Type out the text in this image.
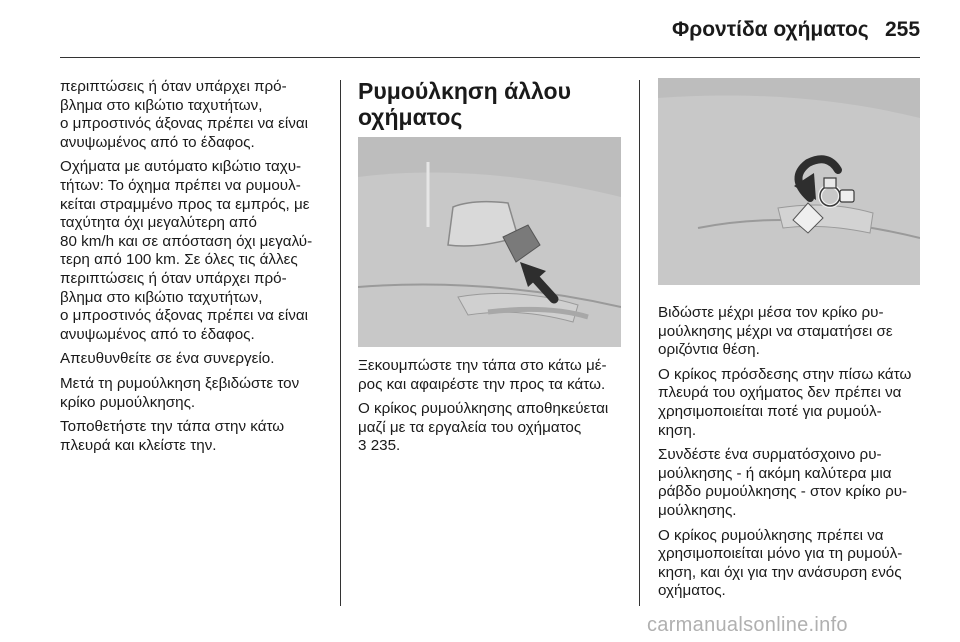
Φροντίδα οχήματος 255

περιπτώσεις ή όταν υπάρχει πρό-
βλημα στο κιβώτιο ταχυτήτων,
ο μπροστινός άξονας πρέπει να είναι
ανυψωμένος από το έδαφος.

Οχήματα με αυτόματο κιβώτιο ταχυ-
τήτων: Το όχημα πρέπει να ρυμουλ-
κείται στραμμένο προς τα εμπρός, με
ταχύτητα όχι μεγαλύτερη από
80 km/h και σε απόσταση όχι μεγαλύ-
τερη από 100 km. Σε όλες τις άλλες
περιπτώσεις ή όταν υπάρχει πρό-
βλημα στο κιβώτιο ταχυτήτων,
ο μπροστινός άξονας πρέπει να είναι
ανυψωμένος από το έδαφος.

Απευθυνθείτε σε ένα συνεργείο.

Μετά τη ρυμούλκηση ξεβιδώστε τον
κρίκο ρυμούλκησης.

Τοποθετήστε την τάπα στην κάτω
πλευρά και κλείστε την.

Ρυμούλκηση άλλου
οχήματος

Ξεκουμπώστε την τάπα στο κάτω μέ-
ρος και αφαιρέστε την προς τα κάτω.

Ο κρίκος ρυμούλκησης αποθηκεύεται
μαζί με τα εργαλεία του οχήματος
3 235.

Βιδώστε μέχρι μέσα τον κρίκο ρυ-
μούλκησης μέχρι να σταματήσει σε
οριζόντια θέση.

Ο κρίκος πρόσδεσης στην πίσω κάτω
πλευρά του οχήματος δεν πρέπει να
χρησιμοποιείται ποτέ για ρυμούλ-
κηση.

Συνδέστε ένα συρματόσχοινο ρυ-
μούλκησης - ή ακόμη καλύτερα μια
ράβδο ρυμούλκησης - στον κρίκο ρυ-
μούλκησης.

Ο κρίκος ρυμούλκησης πρέπει να
χρησιμοποιείται μόνο για τη ρυμούλ-
κηση, και όχι για την ανάσυρση ενός
οχήματος.

carmanualsonline.info
